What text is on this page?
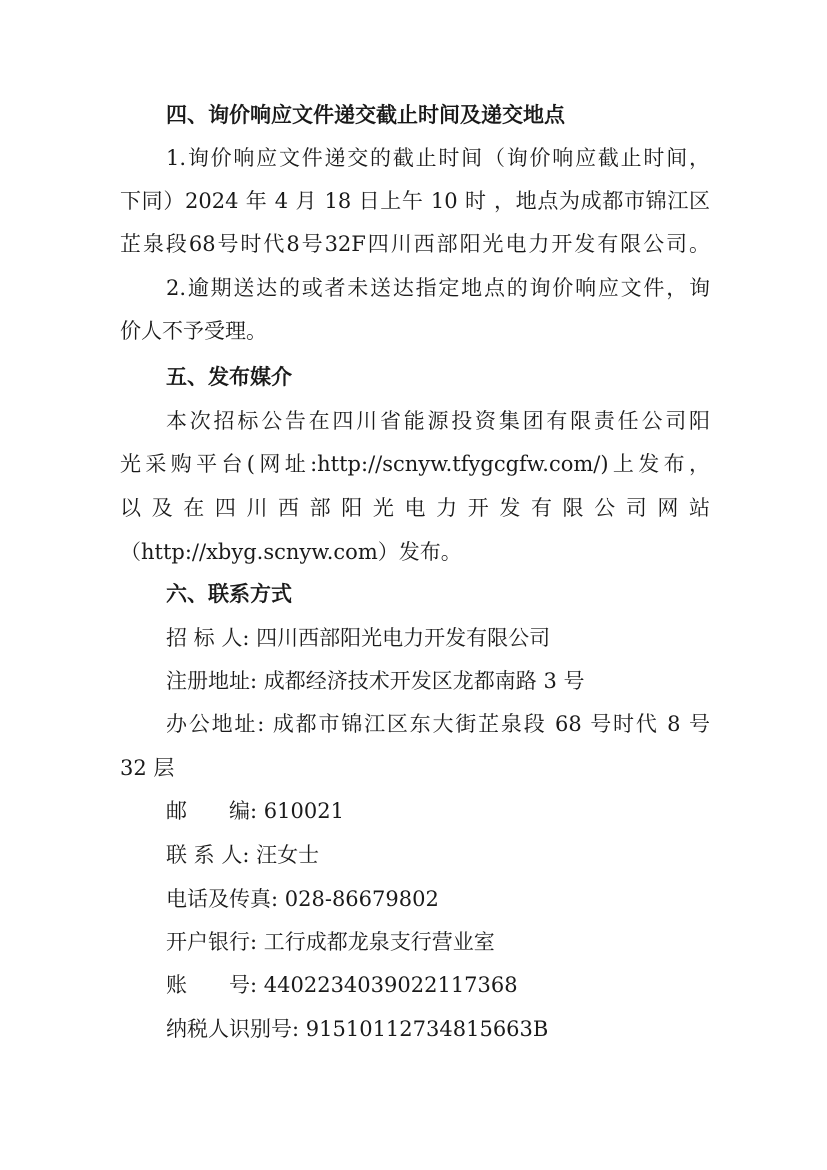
四、询价响应文件递交截止时间及递交地点
1.询价响应文件递交的截止时间（询价响应截止时间，
下同）2024 年 4 月 18 日上午 10 时 ，地点为成都市锦江区
芷泉段68号时代8号32F四川西部阳光电力开发有限公司。
2.逾期送达的或者未送达指定地点的询价响应文件，询
价人不予受理。
五、发布媒介
本次招标公告在四川省能源投资集团有限责任公司阳
光采购平台(网址:http://scnyw.tfygcgfw.com/)上发布，
以及在四川西部阳光电力开发有限公司网站
（http://xbyg.scnyw.com）发布。
六、联系方式
招 标 人: 四川西部阳光电力开发有限公司
注册地址: 成都经济技术开发区龙都南路 3 号
办公地址: 成都市锦江区东大街芷泉段 68 号时代 8 号
32 层
邮　　编: 610021
联 系 人: 汪女士
电话及传真: 028-86679802
开户银行: 工行成都龙泉支行营业室
账　　号: 4402234039022117368
纳税人识别号: 91510112734815663B
